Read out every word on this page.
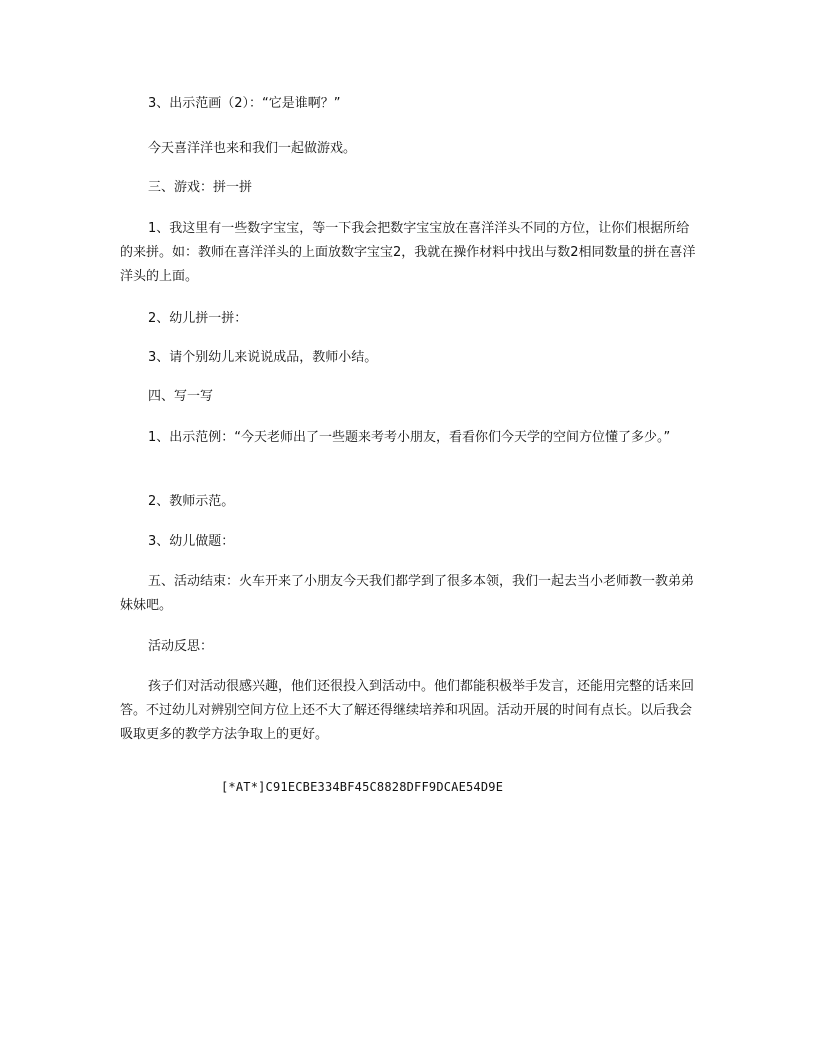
3、出示范画（2）：“它是谁啊？”

今天喜洋洋也来和我们一起做游戏。

三、游戏：拼一拼

1、我这里有一些数字宝宝，等一下我会把数字宝宝放在喜洋洋头不同的方位，让你们根据所给的来拼。如：教师在喜洋洋头的上面放数字宝宝2，我就在操作材料中找出与数2相同数量的拼在喜洋洋头的上面。

2、幼儿拼一拼：

3、请个别幼儿来说说成品，教师小结。

四、写一写

1、出示范例：“今天老师出了一些题来考考小朋友，看看你们今天学的空间方位懂了多少。”

2、教师示范。

3、幼儿做题：

五、活动结束：火车开来了小朋友今天我们都学到了很多本领，我们一起去当小老师教一教弟弟妹妹吧。

活动反思：

孩子们对活动很感兴趣，他们还很投入到活动中。他们都能积极举手发言，还能用完整的话来回答。不过幼儿对辨别空间方位上还不大了解还得继续培养和巩固。活动开展的时间有点长。以后我会吸取更多的教学方法争取上的更好。

[*AT*]C91ECBE334BF45C8828DFF9DCAE54D9E
